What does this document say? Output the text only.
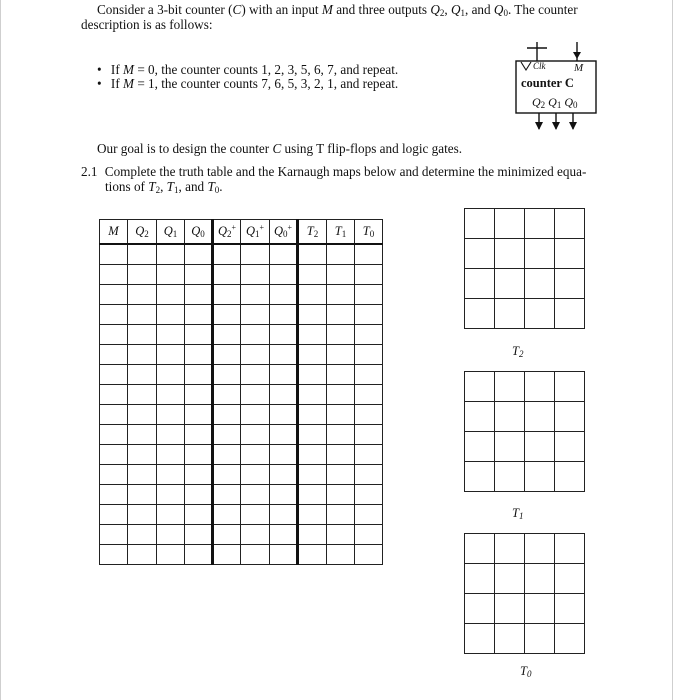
Consider a 3-bit counter (C) with an input M and three outputs $Q_2$, $Q_1$, and $Q_0$. The counter
description is as follows:
• If M = 0, the counter counts 1, 2, 3, 5, 6, 7, and repeat.
• If M = 1, the counter counts 7, 6, 5, 3, 2, 1, and repeat.
Clk	M
counter C
$Q_2$ $Q_1$ $Q_0$
Our goal is to design the counter C using T flip-flops and logic gates.
2.1 Complete the truth table and the Karnaugh maps below and determine the minimized equa-
tions of $T_2$, $T_1$, and $T_0$.
M	$Q_2$	$Q_1$	$Q_0$	$Q_2^+$	$Q_1^+$	$Q_0^+$	$T_2$	$T_1$	$T_0$

$T_2$

$T_1$

$T_0$
